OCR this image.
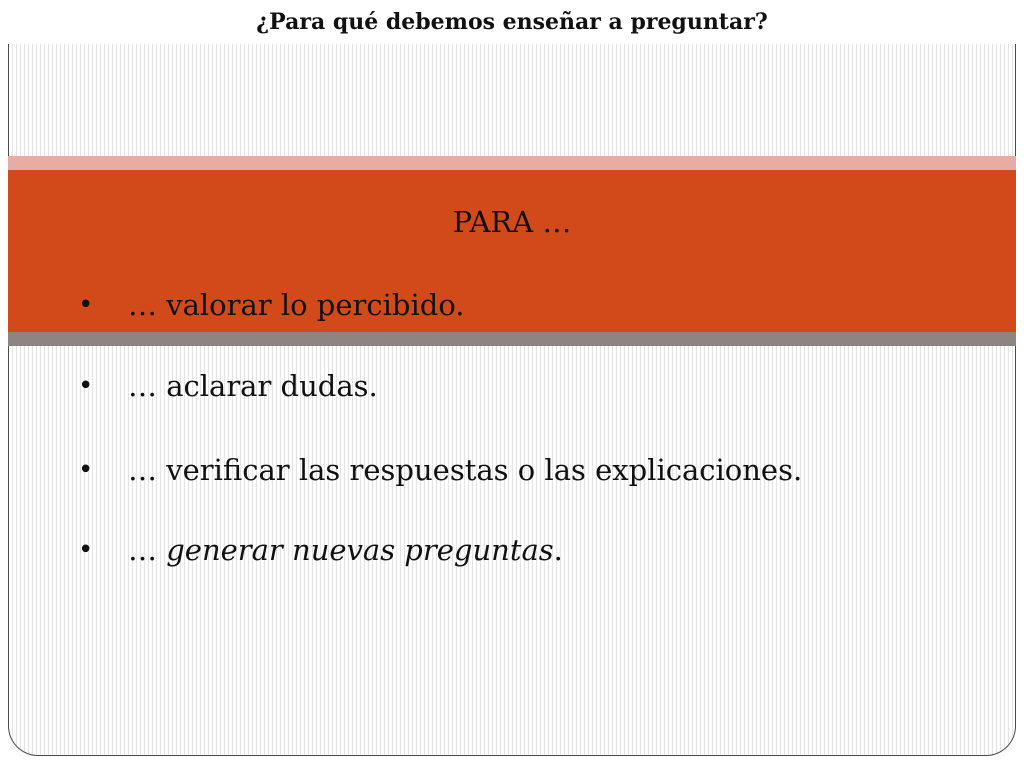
¿Para qué debemos enseñar a preguntar?
PARA …
• … valorar lo percibido.
• … aclarar dudas.
• … verificar las respuestas o las explicaciones.
• … generar nuevas preguntas.
